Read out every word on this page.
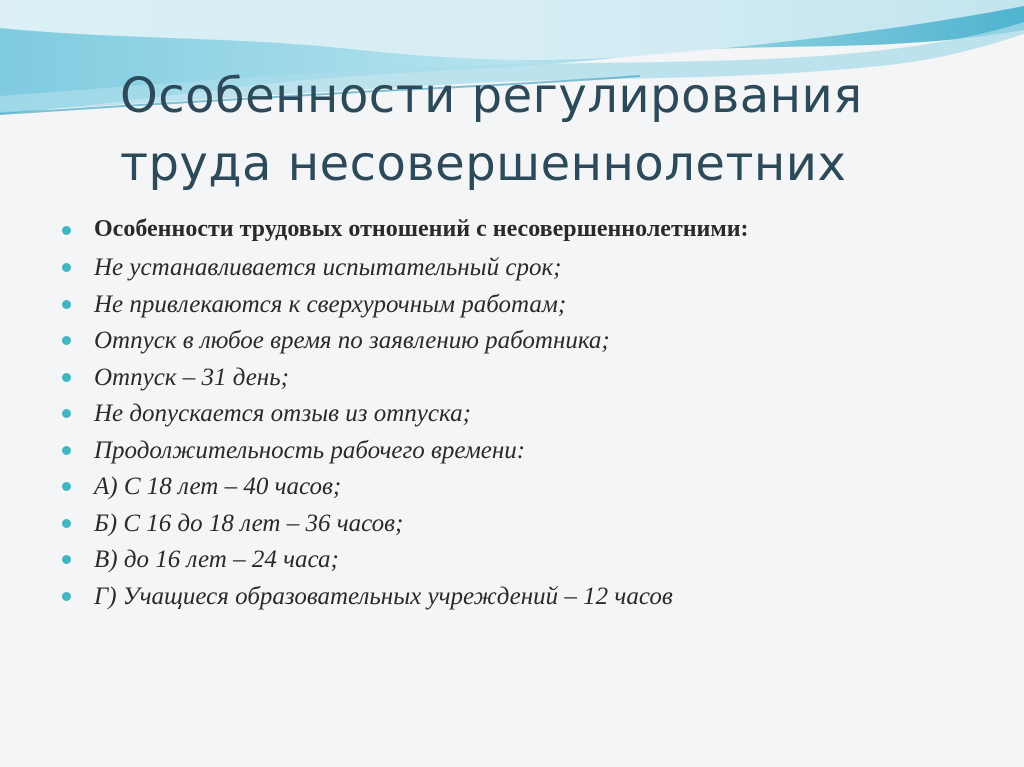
Особенности регулирования
труда несовершеннолетних
Особенности трудовых отношений с несовершеннолетними:
Не устанавливается испытательный срок;
Не привлекаются к сверхурочным работам;
Отпуск в любое время по заявлению работника;
Отпуск – 31 день;
Не допускается отзыв из отпуска;
Продолжительность рабочего времени:
А) С 18 лет – 40 часов;
Б) С 16 до 18 лет – 36 часов;
В) до 16 лет – 24 часа;
Г) Учащиеся образовательных учреждений – 12 часов
